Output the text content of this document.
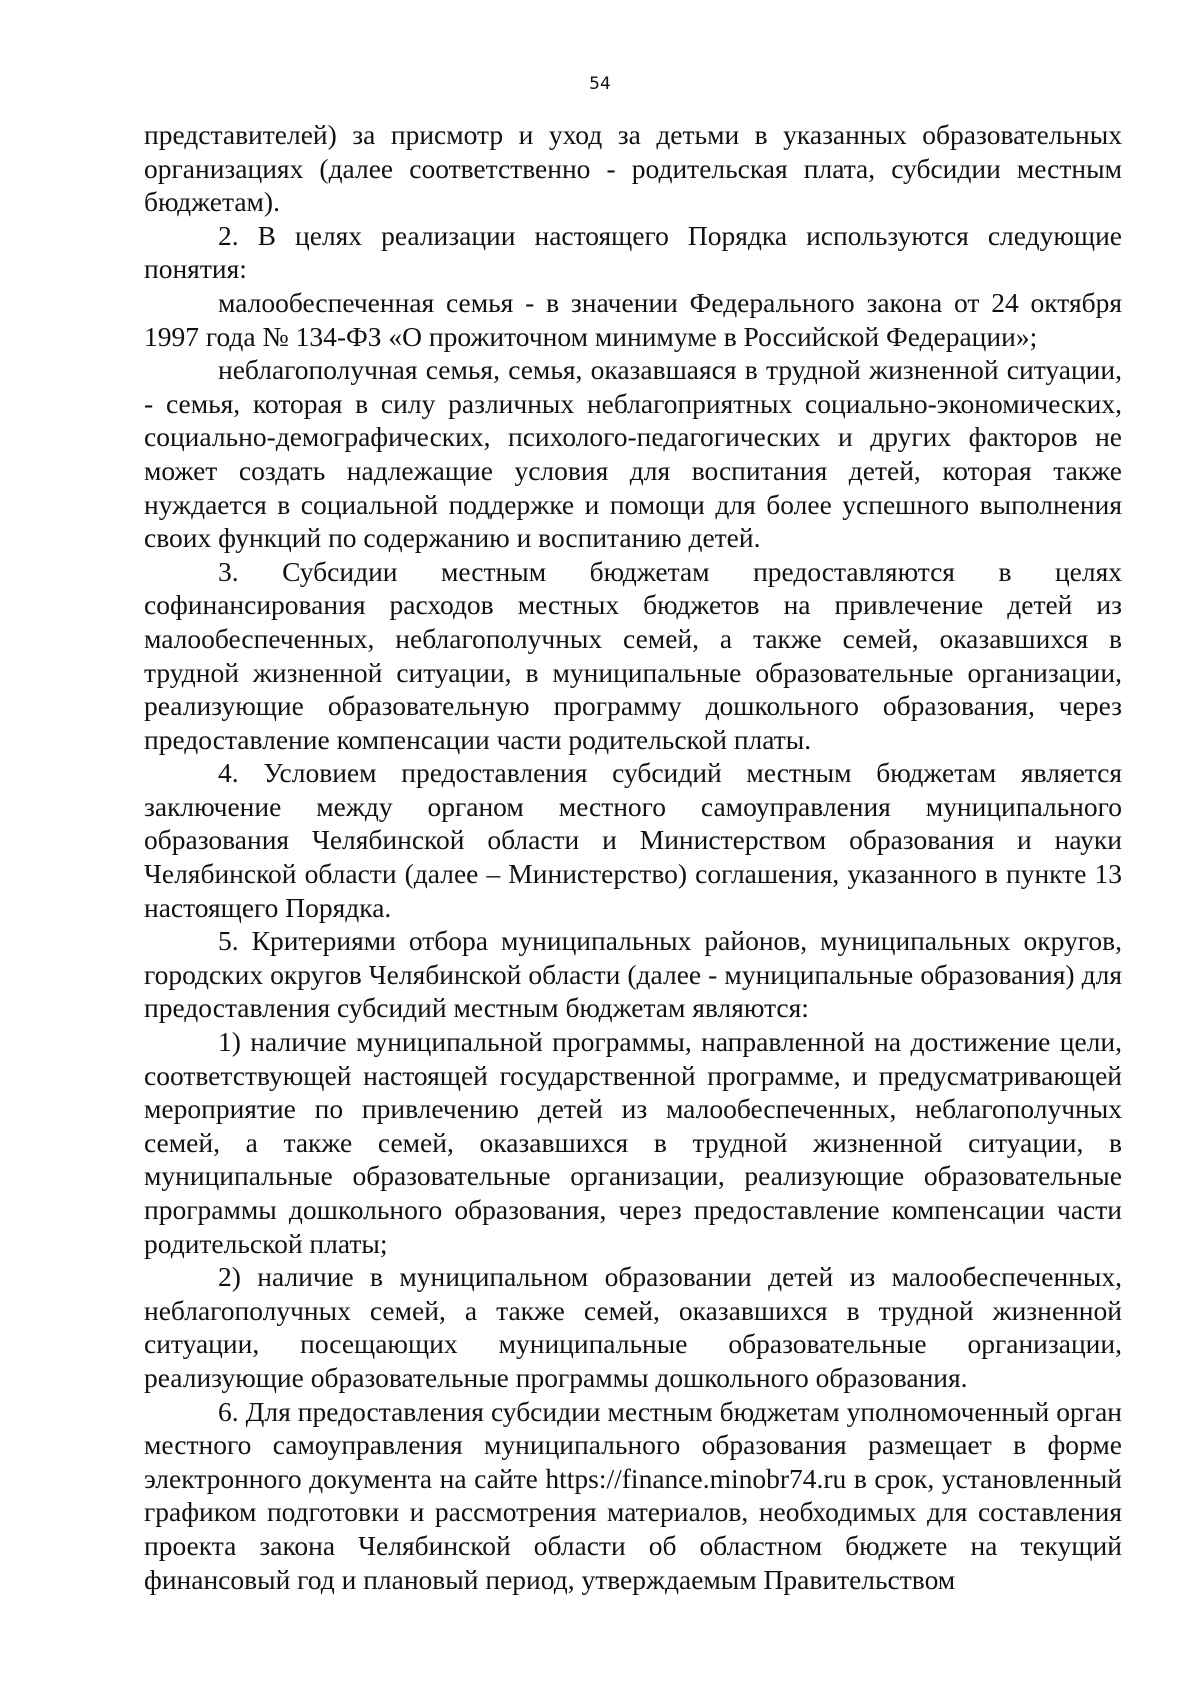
54

представителей) за присмотр и уход за детьми в указанных образовательных организациях (далее соответственно - родительская плата, субсидии местным бюджетам).

2. В целях реализации настоящего Порядка используются следующие понятия:

малообеспеченная семья - в значении Федерального закона от 24 октября 1997 года № 134-ФЗ «О прожиточном минимуме в Российской Федерации»;

неблагополучная семья, семья, оказавшаяся в трудной жизненной ситуации, - семья, которая в силу различных неблагоприятных социально-экономических, социально-демографических, психолого-педагогических и других факторов не может создать надлежащие условия для воспитания детей, которая также нуждается в социальной поддержке и помощи для более успешного выполнения своих функций по содержанию и воспитанию детей.

3. Субсидии местным бюджетам предоставляются в целях софинансирования расходов местных бюджетов на привлечение детей из малообеспеченных, неблагополучных семей, а также семей, оказавшихся в трудной жизненной ситуации, в муниципальные образовательные организации, реализующие образовательную программу дошкольного образования, через предоставление компенсации части родительской платы.

4. Условием предоставления субсидий местным бюджетам является заключение между органом местного самоуправления муниципального образования Челябинской области и Министерством образования и науки Челябинской области (далее – Министерство) соглашения, указанного в пункте 13 настоящего Порядка.

5. Критериями отбора муниципальных районов, муниципальных округов, городских округов Челябинской области (далее - муниципальные образования) для предоставления субсидий местным бюджетам являются:

1) наличие муниципальной программы, направленной на достижение цели, соответствующей настоящей государственной программе, и предусматривающей мероприятие по привлечению детей из малообеспеченных, неблагополучных семей, а также семей, оказавшихся в трудной жизненной ситуации, в муниципальные образовательные организации, реализующие образовательные программы дошкольного образования, через предоставление компенсации части родительской платы;

2) наличие в муниципальном образовании детей из малообеспеченных, неблагополучных семей, а также семей, оказавшихся в трудной жизненной ситуации, посещающих муниципальные образовательные организации, реализующие образовательные программы дошкольного образования.

6. Для предоставления субсидии местным бюджетам уполномоченный орган местного самоуправления муниципального образования размещает в форме электронного документа на сайте https://finance.minobr74.ru в срок, установленный графиком подготовки и рассмотрения материалов, необходимых для составления проекта закона Челябинской области об областном бюджете на текущий финансовый год и плановый период, утверждаемым Правительством
